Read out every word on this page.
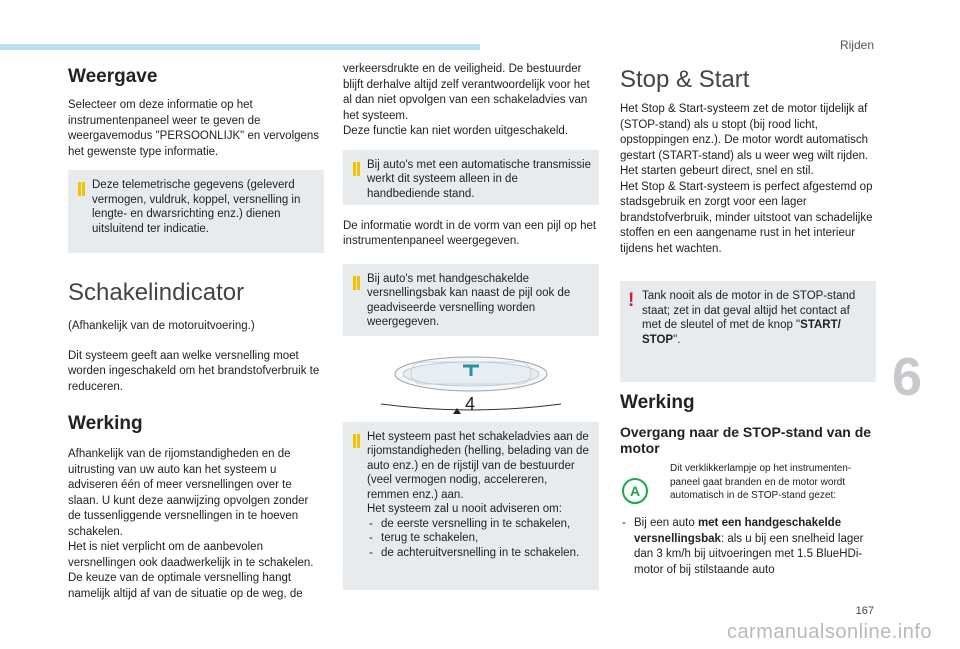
Rijden
Weergave

Selecteer om deze informatie op het instrumentenpaneel weer te geven de weergavemodus "PERSOONLIJK" en vervolgens het gewenste type informatie.

Deze telemetrische gegevens (geleverd vermogen, vuldruk, koppel, versnelling in lengte- en dwarsrichting enz.) dienen uitsluitend ter indicatie.
Schakelindicator

(Afhankelijk van de motoruitvoering.)

Dit systeem geeft aan welke versnelling moet worden ingeschakeld om het brandstofverbruik te reduceren.

Werking

Afhankelijk van de rijomstandigheden en de uitrusting van uw auto kan het systeem u adviseren één of meer versnellingen over te slaan. U kunt deze aanwijzing opvolgen zonder de tussenliggende versnellingen in te hoeven schakelen.
Het is niet verplicht om de aanbevolen versnellingen ook daadwerkelijk in te schakelen.
De keuze van de optimale versnelling hangt namelijk altijd af van de situatie op de weg, de

verkeersdrukte en de veiligheid. De bestuurder blijft derhalve altijd zelf verantwoordelijk voor het al dan niet opvolgen van een schakeladvies van het systeem.
Deze functie kan niet worden uitgeschakeld.

Bij auto's met een automatische transmissie werkt dit systeem alleen in de handbediende stand.

De informatie wordt in de vorm van een pijl op het instrumentenpaneel weergegeven.

Bij auto's met handgeschakelde versnellingsbak kan naast de pijl ook de geadviseerde versnelling worden weergegeven.
4
Het systeem past het schakeladvies aan de rijomstandigheden (helling, belading van de auto enz.) en de rijstijl van de bestuurder (veel vermogen nodig, accelereren, remmen enz.) aan.
Het systeem zal u nooit adviseren om:
- de eerste versnelling in te schakelen,
- terug te schakelen,
- de achteruitversnelling in te schakelen.
Stop & Start

Het Stop & Start-systeem zet de motor tijdelijk af (STOP-stand) als u stopt (bij rood licht, opstoppingen enz.). De motor wordt automatisch gestart (START-stand) als u weer weg wilt rijden. Het starten gebeurt direct, snel en stil.
Het Stop & Start-systeem is perfect afgestemd op stadsgebruik en zorgt voor een lager brandstofverbruik, minder uitstoot van schadelijke stoffen en een aangename rust in het interieur tijdens het wachten.

! Tank nooit als de motor in de STOP-stand staat; zet in dat geval altijd het contact af met de sleutel of met de knop "START/ STOP".
Werking
Overgang naar de STOP-stand van de motor
A

Dit verklikkerlampje op het instrumenten- paneel gaat branden en de motor wordt automatisch in de STOP-stand gezet:

- Bij een auto met een handgeschakelde versnellingsbak: als u bij een snelheid lager dan 3 km/h bij uitvoeringen met 1.5 BlueHDi-motor of bij stilstaande auto
6
167
carmanualsonline.info
